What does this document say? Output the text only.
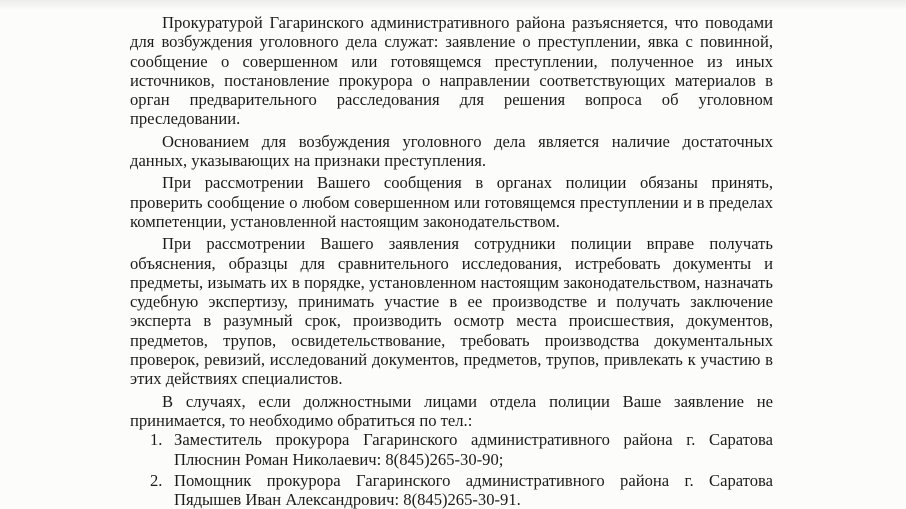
Прокуратурой Гагаринского административного района разъясняется, что поводами для возбуждения уголовного дела служат: заявление о преступлении, явка с повинной, сообщение о совершенном или готовящемся преступлении, полученное из иных источников, постановление прокурора о направлении соответствующих материалов в орган предварительного расследования для решения вопроса об уголовном преследовании.

Основанием для возбуждения уголовного дела является наличие достаточных данных, указывающих на признаки преступления.

При рассмотрении Вашего сообщения в органах полиции обязаны принять, проверить сообщение о любом совершенном или готовящемся преступлении и в пределах компетенции, установленной настоящим законодательством.

При рассмотрении Вашего заявления сотрудники полиции вправе получать объяснения, образцы для сравнительного исследования, истребовать документы и предметы, изымать их в порядке, установленном настоящим законодательством, назначать судебную экспертизу, принимать участие в ее производстве и получать заключение эксперта в разумный срок, производить осмотр места происшествия, документов, предметов, трупов, освидетельствование, требовать производства документальных проверок, ревизий, исследований документов, предметов, трупов, привлекать к участию в этих действиях специалистов.

В случаях, если должностными лицами отдела полиции Ваше заявление не принимается, то необходимо обратиться по тел.:

1. Заместитель прокурора Гагаринского административного района г. Саратова Плюснин Роман Николаевич: 8(845)265-30-90;
2. Помощник прокурора Гагаринского административного района г. Саратова Пядышев Иван Александрович: 8(845)265-30-91.
